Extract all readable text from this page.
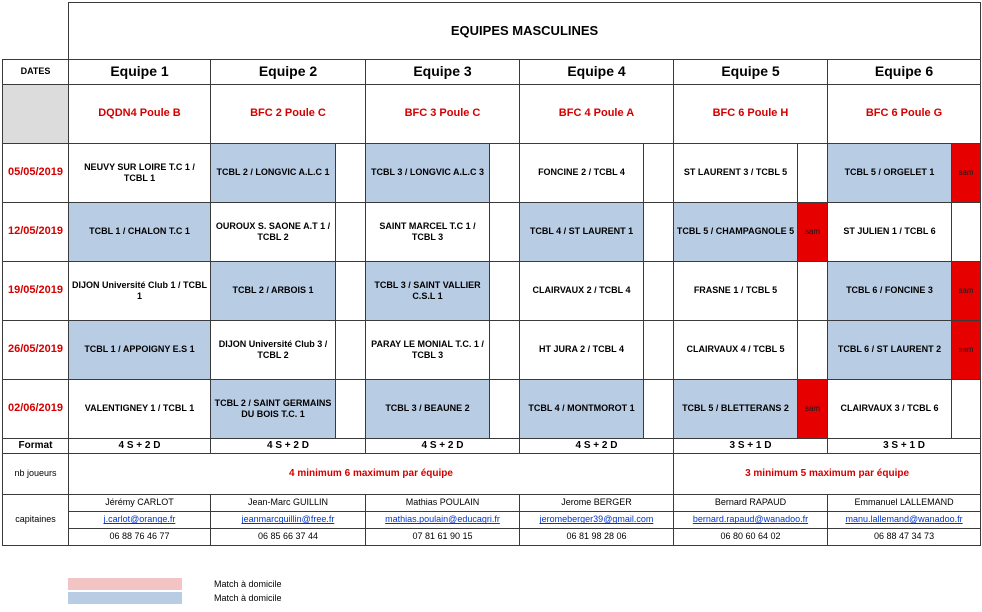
	EQUIPES MASCULINES										
DATES	Equipe 1	Equipe 2		Equipe 3		Equipe 4		Equipe 5		Equipe 6	
	DQDN4 Poule B	BFC 2 Poule C		BFC 3 Poule C		BFC 4 Poule A		BFC 6 Poule H		BFC 6 Poule G	
05/05/2019	NEUVY SUR LOIRE T.C 1 / TCBL 1	TCBL 2 / LONGVIC A.L.C 1		TCBL 3 / LONGVIC A.L.C 3		FONCINE 2 / TCBL 4		ST LAURENT 3 / TCBL 5		TCBL 5 / ORGELET 1	sam
12/05/2019	TCBL 1 / CHALON T.C 1	OUROUX S. SAONE A.T 1 / TCBL 2		SAINT MARCEL T.C 1 / TCBL 3		TCBL 4 / ST LAURENT 1		TCBL 5 / CHAMPAGNOLE 5	sam	ST JULIEN 1 / TCBL 6	
19/05/2019	DIJON Université Club 1 / TCBL 1	TCBL 2 / ARBOIS 1		TCBL 3 / SAINT VALLIER C.S.L 1		CLAIRVAUX 2 / TCBL 4		FRASNE 1 / TCBL 5		TCBL 6 / FONCINE 3	sam
26/05/2019	TCBL 1 / APPOIGNY E.S 1	DIJON Université Club 3 / TCBL 2		PARAY LE MONIAL T.C. 1 / TCBL 3		HT JURA 2 / TCBL 4		CLAIRVAUX 4 / TCBL 5		TCBL 6 / ST LAURENT 2	sam
02/06/2019	VALENTIGNEY 1 / TCBL 1	TCBL 2 / SAINT GERMAINS DU BOIS T.C. 1		TCBL 3 / BEAUNE 2		TCBL 4 / MONTMOROT 1		TCBL 5 / BLETTERANS 2	sam	CLAIRVAUX 3 / TCBL 6	
Format	4 S + 2 D	4 S + 2 D		4 S + 2 D		4 S + 2 D		3 S + 1 D		3 S + 1 D	
nb joueurs	4 minimum 6 maximum par équipe							3 minimum 5 maximum par équipe			
capitaines	Jérémy CARLOT	Jean-Marc GUILLIN		Mathias POULAIN		Jerome BERGER		Bernard RAPAUD		Emmanuel LALLEMAND	
	j.carlot@orange.fr	jeanmarcguillin@free.fr		mathias.poulain@educagri.fr		jeromeberger39@gmail.com		bernard.rapaud@wanadoo.fr		manu.lallemand@wanadoo.fr	
	06 88 76 46 77	06 85 66 37 44		07 81 61 90 15		06 81 98 28 06		06 80 60 64 02		06 88 47 34 73	
Match à domicile
Match à domicile
